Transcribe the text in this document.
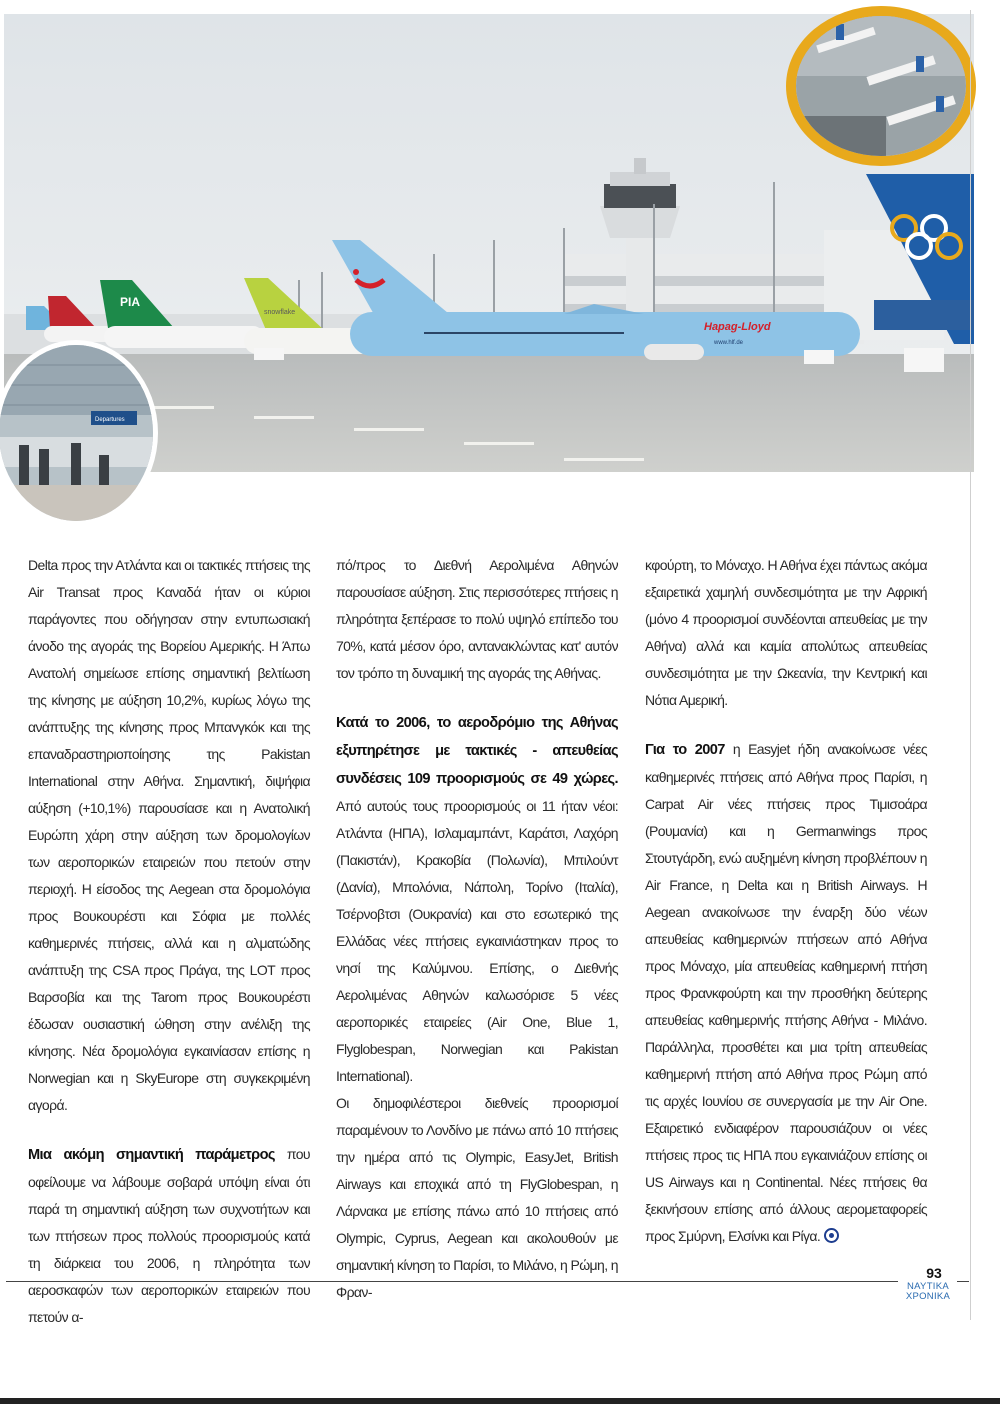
PIA
snowflake
Hapag-Lloyd
www.hlf.de
Departures

Delta προς την Ατλάντα και οι τακτικές πτήσεις της Air Transat προς Καναδά ήταν οι κύριοι παράγοντες που οδήγησαν στην εντυπωσιακή άνοδο της αγοράς της Βορείου Αμερικής. Η Άπω Ανατολή σημείωσε επίσης σημαντική βελτίωση της κίνησης με αύξηση 10,2%, κυρίως λόγω της ανάπτυξης της κίνησης προς Μπανγκόκ και της επαναδραστηριοποίησης της Pakistan International στην Αθήνα. Σημαντική, διψήφια αύξηση (+10,1%) παρουσίασε και η Ανατολική Ευρώπη χάρη στην αύξηση των δρομολογίων των αεροπορικών εταιρειών που πετούν στην περιοχή. Η είσοδος της Aegean στα δρομολόγια προς Βουκουρέστι και Σόφια με πολλές καθημερινές πτήσεις, αλλά και η αλματώδης ανάπτυξη της CSA προς Πράγα, της LOT προς Βαρσοβία και της Tarom προς Βουκουρέστι έδωσαν ουσιαστική ώθηση στην ανέλιξη της κίνησης. Νέα δρομολόγια εγκαινίασαν επίσης η Norwegian και η SkyEurope στη συγκεκριμένη αγορά.

Μια ακόμη σημαντική παράμετρος που οφείλουμε να λάβουμε σοβαρά υπόψη είναι ότι παρά τη σημαντική αύξηση των συχνοτήτων και των πτήσεων προς πολλούς προορισμούς κατά τη διάρκεια του 2006, η πληρότητα των αεροσκαφών των αεροπορικών εταιρειών που πετούν α-

πό/προς το Διεθνή Αερολιμένα Αθηνών παρουσίασε αύξηση. Στις περισσότερες πτήσεις η πληρότητα ξεπέρασε το πολύ υψηλό επίπεδο του 70%, κατά μέσον όρο, αντανακλώντας κατ' αυτόν τον τρόπο τη δυναμική της αγοράς της Αθήνας.

Κατά το 2006, το αεροδρόμιο της Αθήνας εξυπηρέτησε με τακτικές - απευθείας συνδέσεις 109 προορισμούς σε 49 χώρες. Από αυτούς τους προορισμούς οι 11 ήταν νέοι: Ατλάντα (ΗΠΑ), Ισλαμαμπάντ, Καράτσι, Λαχόρη (Πακιστάν), Κρακοβία (Πολωνία), Μπιλούντ (Δανία), Μπολόνια, Νάπολη, Τορίνο (Ιταλία), Τσέρνοβτσι (Ουκρανία) και στο εσωτερικό της Ελλάδας νέες πτήσεις εγκαινιάστηκαν προς το νησί της Καλύμνου. Επίσης, ο Διεθνής Αερολιμένας Αθηνών καλωσόρισε 5 νέες αεροπορικές εταιρείες (Air One, Blue 1, Flyglobespan, Norwegian και Pakistan International).

Οι δημοφιλέστεροι διεθνείς προορισμοί παραμένουν το Λονδίνο με πάνω από 10 πτήσεις την ημέρα από τις Olympic, EasyJet, British Airways και εποχικά από τη FlyGlobespan, η Λάρνακα με επίσης πάνω από 10 πτήσεις από Olympic, Cyprus, Aegean και ακολουθούν με σημαντική κίνηση το Παρίσι, το Μιλάνο, η Ρώμη, η Φραν-

κφούρτη, το Μόναχο. Η Αθήνα έχει πάντως ακόμα εξαιρετικά χαμηλή συνδεσιμότητα με την Αφρική (μόνο 4 προορισμοί συνδέονται απευθείας με την Αθήνα) αλλά και καμία απολύτως απευθείας συνδεσιμότητα με την Ωκεανία, την Κεντρική και Νότια Αμερική.

Για το 2007 η Easyjet ήδη ανακοίνωσε νέες καθημερινές πτήσεις από Αθήνα προς Παρίσι, η Carpat Air νέες πτήσεις προς Τιμισοάρα (Ρουμανία) και η Germanwings προς Στουτγάρδη, ενώ αυξημένη κίνηση προβλέπουν η Air France, η Delta και η British Airways. Η Aegean ανακοίνωσε την έναρξη δύο νέων απευθείας καθημερινών πτήσεων από Αθήνα προς Μόναχο, μία απευθείας καθημερινή πτήση προς Φρανκφούρτη και την προσθήκη δεύτερης απευθείας καθημερινής πτήσης Αθήνα - Μιλάνο. Παράλληλα, προσθέτει και μια τρίτη απευθείας καθημερινή πτήση από Αθήνα προς Ρώμη από τις αρχές Ιουνίου σε συνεργασία με την Air One. Εξαιρετικό ενδιαφέρον παρουσιάζουν οι νέες πτήσεις προς τις ΗΠΑ που εγκαινιάζουν επίσης οι US Airways και η Continental. Νέες πτήσεις θα ξεκινήσουν επίσης από άλλους αερομεταφορείς προς Σμύρνη, Ελσίνκι και Ρίγα.

93
ΝΑΥΤΙΚΑ
ΧΡΟΝΙΚΑ
